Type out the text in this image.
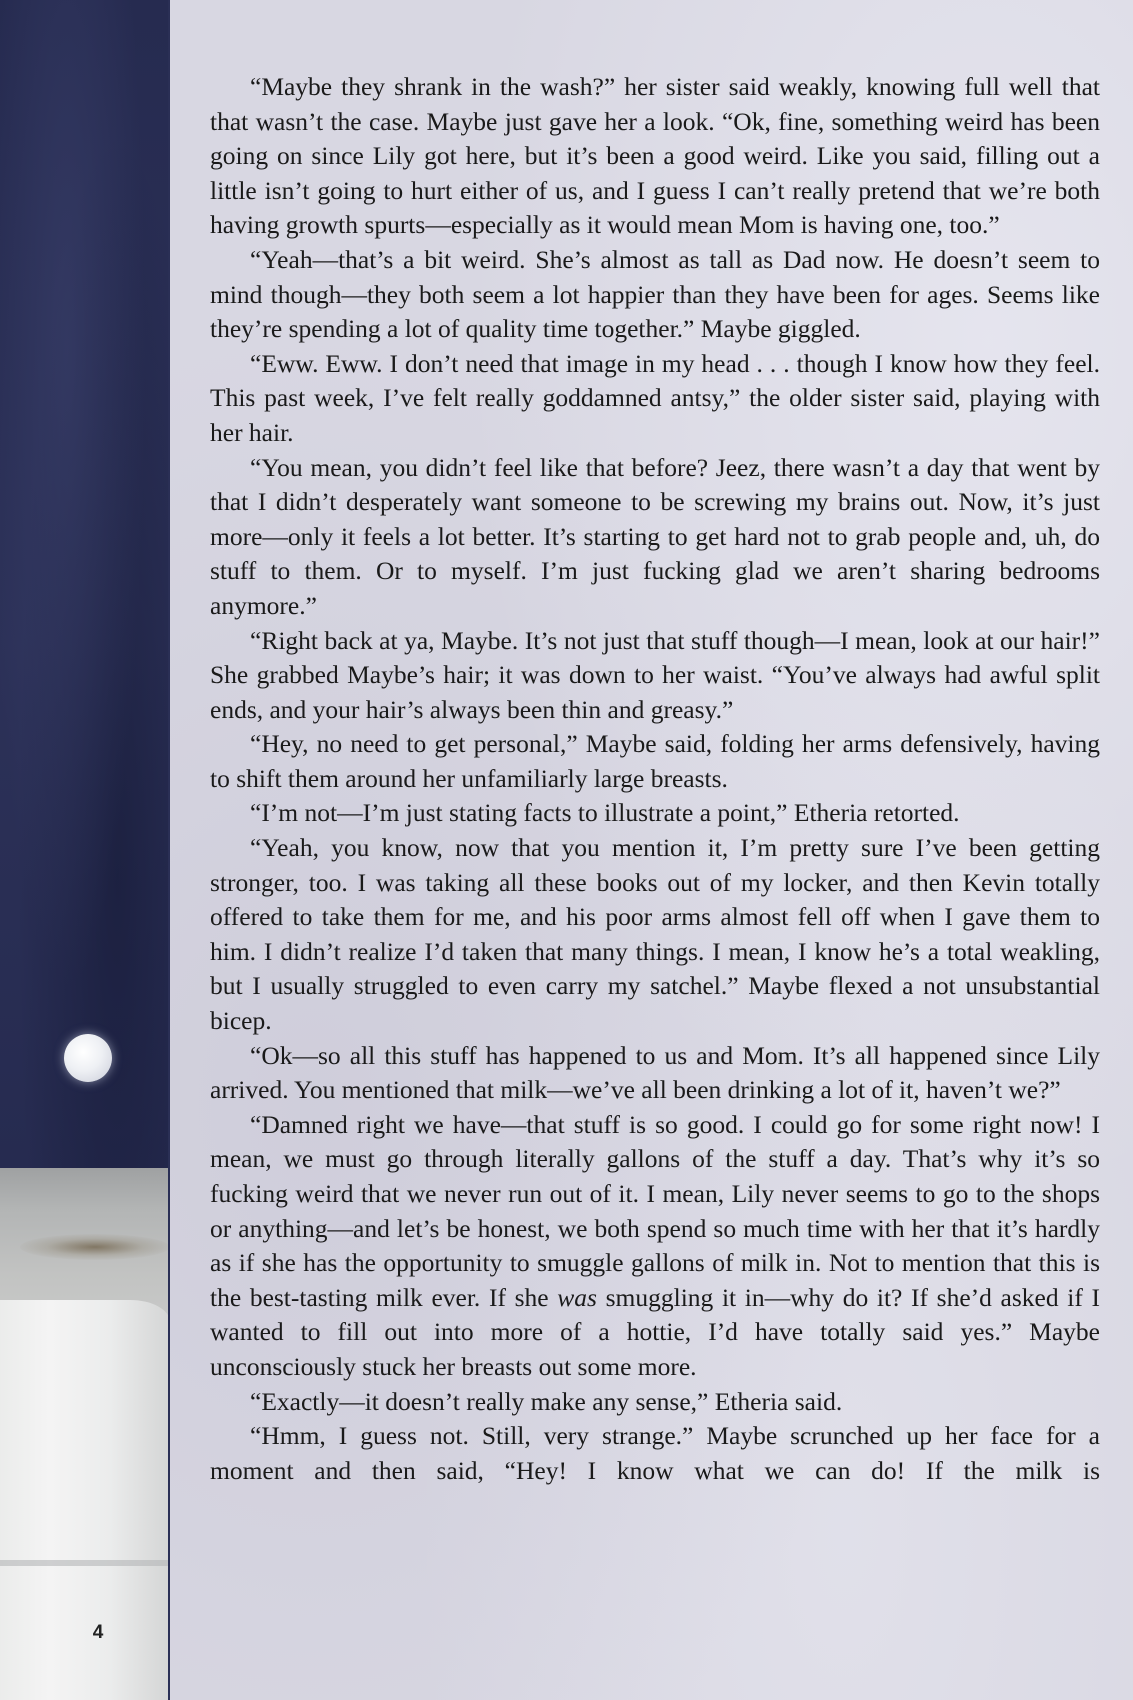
4

“Maybe they shrank in the wash?” her sister said weakly, knowing full well that that wasn’t the case. Maybe just gave her a look. “Ok, fine, something weird has been going on since Lily got here, but it’s been a good weird. Like you said, filling out a little isn’t going to hurt either of us, and I guess I can’t really pretend that we’re both having growth spurts—especially as it would mean Mom is having one, too.”

“Yeah—that’s a bit weird. She’s almost as tall as Dad now. He doesn’t seem to mind though—they both seem a lot happier than they have been for ages. Seems like they’re spending a lot of quality time together.” Maybe giggled.

“Eww. Eww. I don’t need that image in my head . . . though I know how they feel. This past week, I’ve felt really goddamned antsy,” the older sister said, playing with her hair.

“You mean, you didn’t feel like that before? Jeez, there wasn’t a day that went by that I didn’t desperately want someone to be screwing my brains out. Now, it’s just more—only it feels a lot better. It’s starting to get hard not to grab people and, uh, do stuff to them. Or to myself. I’m just fucking glad we aren’t sharing bedrooms anymore.”

“Right back at ya, Maybe. It’s not just that stuff though—I mean, look at our hair!” She grabbed Maybe’s hair; it was down to her waist. “You’ve always had awful split ends, and your hair’s always been thin and greasy.”

“Hey, no need to get personal,” Maybe said, folding her arms defensively, having to shift them around her unfamiliarly large breasts.

“I’m not—I’m just stating facts to illustrate a point,” Etheria retorted.

“Yeah, you know, now that you mention it, I’m pretty sure I’ve been getting stronger, too. I was taking all these books out of my locker, and then Kevin totally offered to take them for me, and his poor arms almost fell off when I gave them to him. I didn’t realize I’d taken that many things. I mean, I know he’s a total weakling, but I usually struggled to even carry my satchel.” Maybe flexed a not unsubstantial bicep.

“Ok—so all this stuff has happened to us and Mom. It’s all happened since Lily arrived. You mentioned that milk—we’ve all been drinking a lot of it, haven’t we?”

“Damned right we have—that stuff is so good. I could go for some right now! I mean, we must go through literally gallons of the stuff a day. That’s why it’s so fucking weird that we never run out of it. I mean, Lily never seems to go to the shops or anything—and let’s be honest, we both spend so much time with her that it’s hardly as if she has the opportunity to smuggle gallons of milk in. Not to mention that this is the best-tasting milk ever. If she was smuggling it in—why do it? If she’d asked if I wanted to fill out into more of a hottie, I’d have totally said yes.” Maybe unconsciously stuck her breasts out some more.

“Exactly—it doesn’t really make any sense,” Etheria said.

“Hmm, I guess not. Still, very strange.” Maybe scrunched up her face for a moment and then said, “Hey! I know what we can do! If the milk is
